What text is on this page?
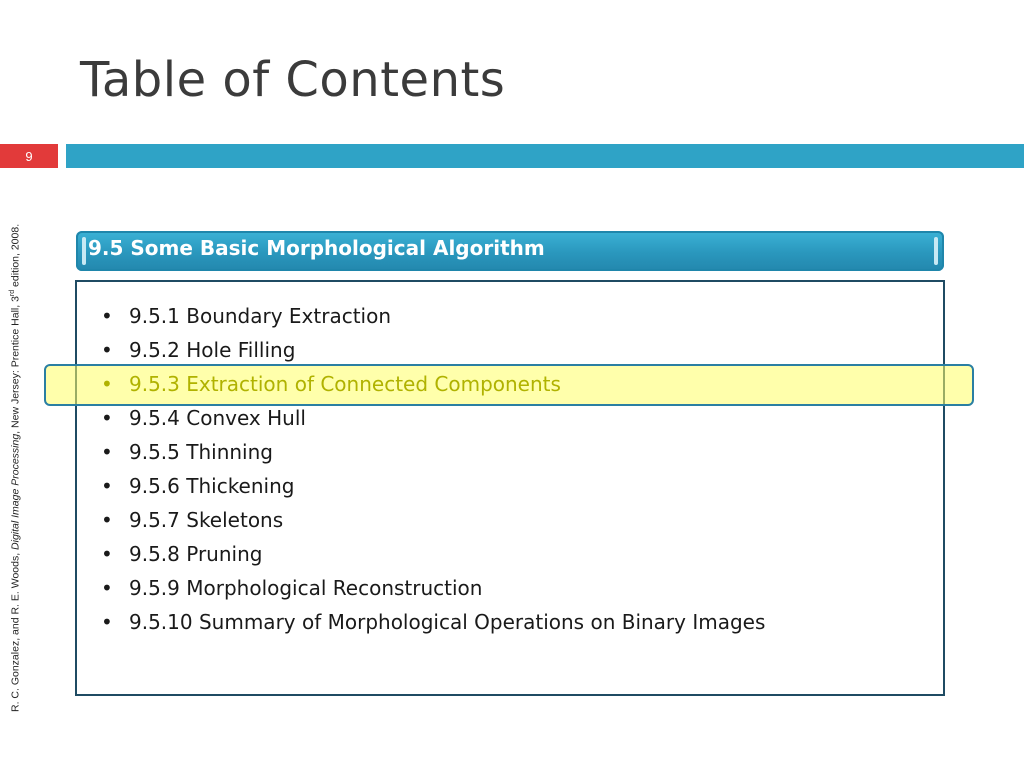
Table of Contents
9
R. C. Gonzalez, and R. E. Woods, Digital Image Processing, New Jersey: Prentice Hall, 3rd edition, 2008.	9.5 Some Basic Morphological Algorithm
• 9.5.1 Boundary Extraction
• 9.5.2 Hole Filling
• 9.5.3 Extraction of Connected Components
• 9.5.4 Convex Hull
• 9.5.5 Thinning
• 9.5.6 Thickening
• 9.5.7 Skeletons
• 9.5.8 Pruning
• 9.5.9 Morphological Reconstruction
• 9.5.10 Summary of Morphological Operations on Binary Images
